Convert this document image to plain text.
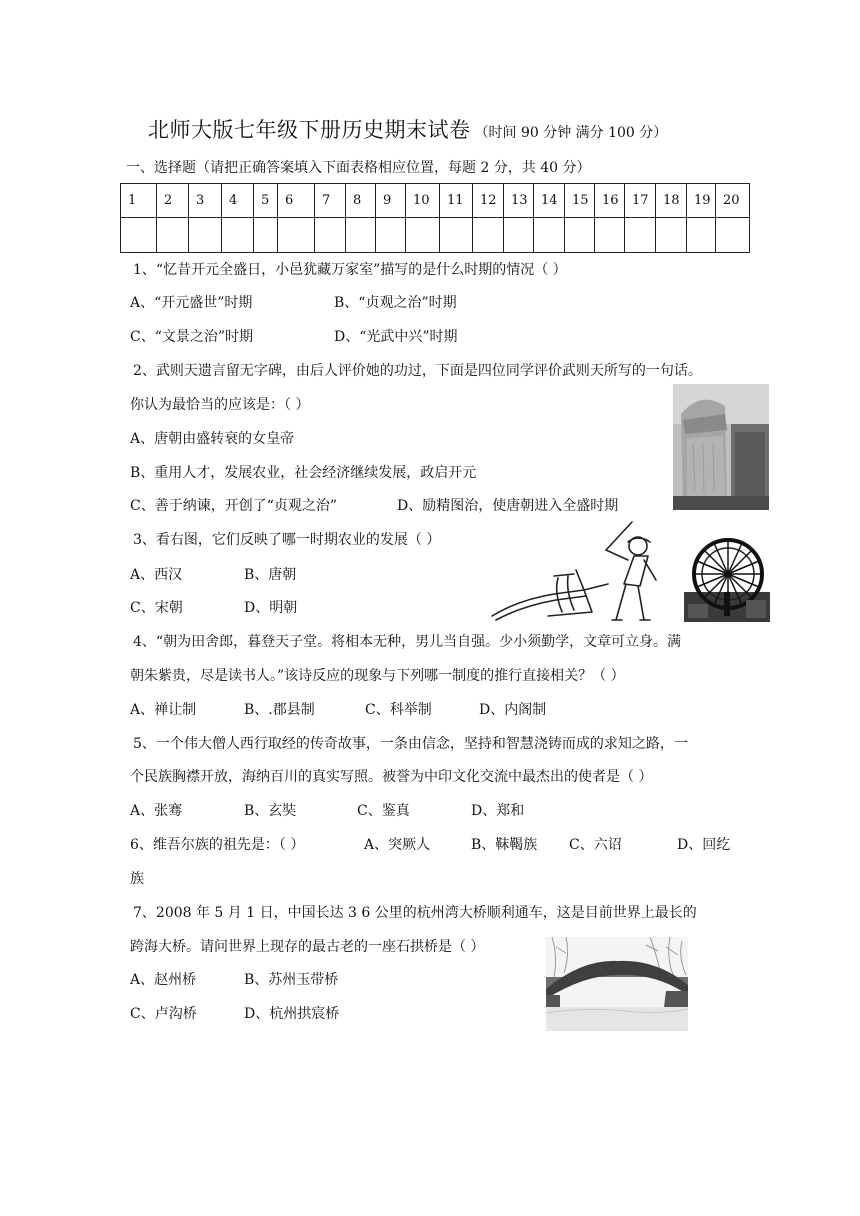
北师大版七年级下册历史期末试卷 （时间 90 分钟 满分 100 分）
一、选择题（请把正确答案填入下面表格相应位置，每题 2 分，共 40 分）
1	2	3	4	5	6	7	8	9	10	11	12	13	14	15	16	17	18	19	20

1、“忆昔开元全盛日，小邑犹藏万家室”描写的是什么时期的情况（ ）
A、“开元盛世”时期	B、“贞观之治”时期
C、“文景之治”时期	D、“光武中兴”时期
2、武则天遗言留无字碑，由后人评价她的功过，下面是四位同学评价武则天所写的一句话。
你认为最恰当的应该是：（ ）
A、唐朝由盛转衰的女皇帝
B、重用人才，发展农业，社会经济继续发展，政启开元
C、善于纳谏，开创了“贞观之治”	D、励精图治，使唐朝进入全盛时期
3、看右图，它们反映了哪一时期农业的发展（ ）
A、西汉	B、唐朝
C、宋朝	D、明朝
4、“朝为田舍郎，暮登天子堂。将相本无种，男儿当自强。少小须勤学，文章可立身。满
朝朱紫贵，尽是读书人。”该诗反应的现象与下列哪一制度的推行直接相关？（ ）
A、禅让制	B、.郡县制	C、科举制	D、内阁制
5、一个伟大僧人西行取经的传奇故事，一条由信念，坚持和智慧浇铸而成的求知之路，一
个民族胸襟开放，海纳百川的真实写照。被誉为中印文化交流中最杰出的使者是（ ）
A、张骞	B、玄奘	C、鉴真	D、郑和
6、维吾尔族的祖先是：（ ）	A、突厥人	B、靺鞨族 C、六诏	D、回纥
族
7、2008 年 5 月 1 日，中国长达 3 6 公里的杭州湾大桥顺利通车，这是目前世界上最长的
跨海大桥。请问世界上现存的最古老的一座石拱桥是（ ）
A、赵州桥	B、苏州玉带桥
C、卢沟桥	D、杭州拱宸桥
